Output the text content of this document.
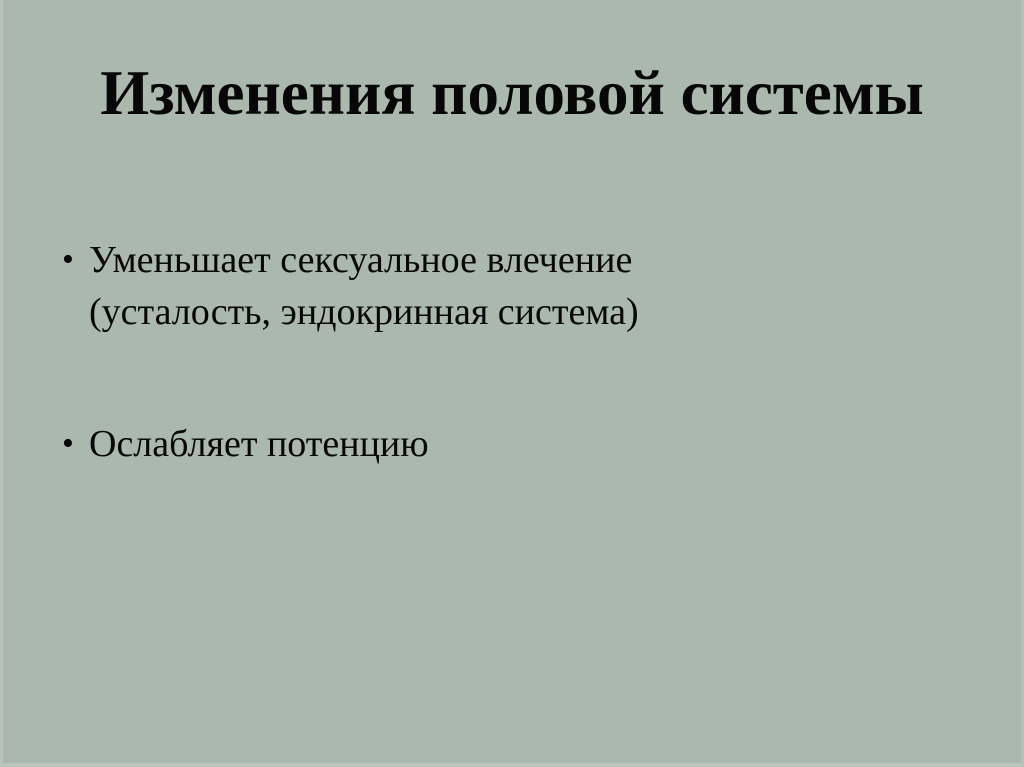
Изменения половой системы
• Уменьшает сексуальное влечение
(усталость, эндокринная система)
• Ослабляет потенцию
